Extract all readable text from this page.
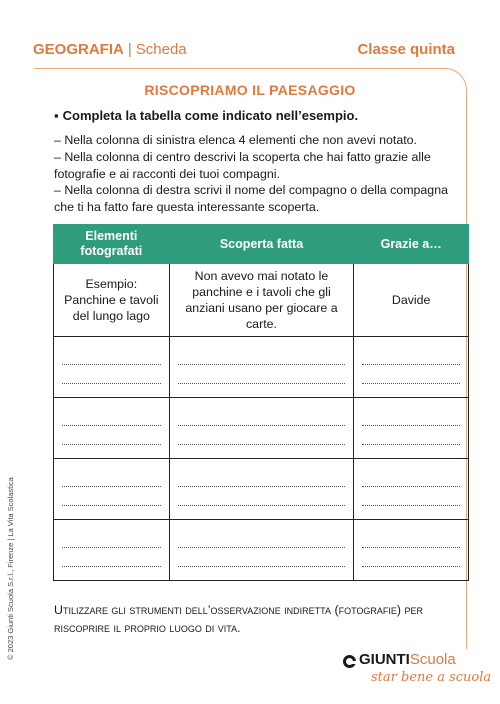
GEOGRAFIA | Scheda	Classe quinta
RISCOPRIAMO IL PAESAGGIO
▪ Completa la tabella come indicato nell’esempio.
– Nella colonna di sinistra elenca 4 elementi che non avevi notato.
– Nella colonna di centro descrivi la scoperta che hai fatto grazie alle fotografie e ai racconti dei tuoi compagni.
– Nella colonna di destra scrivi il nome del compagno o della compagna che ti ha fatto fare questa interessante scoperta.
Elementi fotografati	Scoperta fatta	Grazie a…
Esempio: Panchine e tavoli del lungo lago	Non avevo mai notato le panchine e i tavoli che gli anziani usano per giocare a carte.	Davide

Utilizzare gli strumenti dell’osservazione indiretta (fotografie) per riscoprire il proprio luogo di vita.
© 2023 Giunti Scuola S.r.l., Firenze | La Vita Scolastica	GIUNTIScuola
star bene a scuola
